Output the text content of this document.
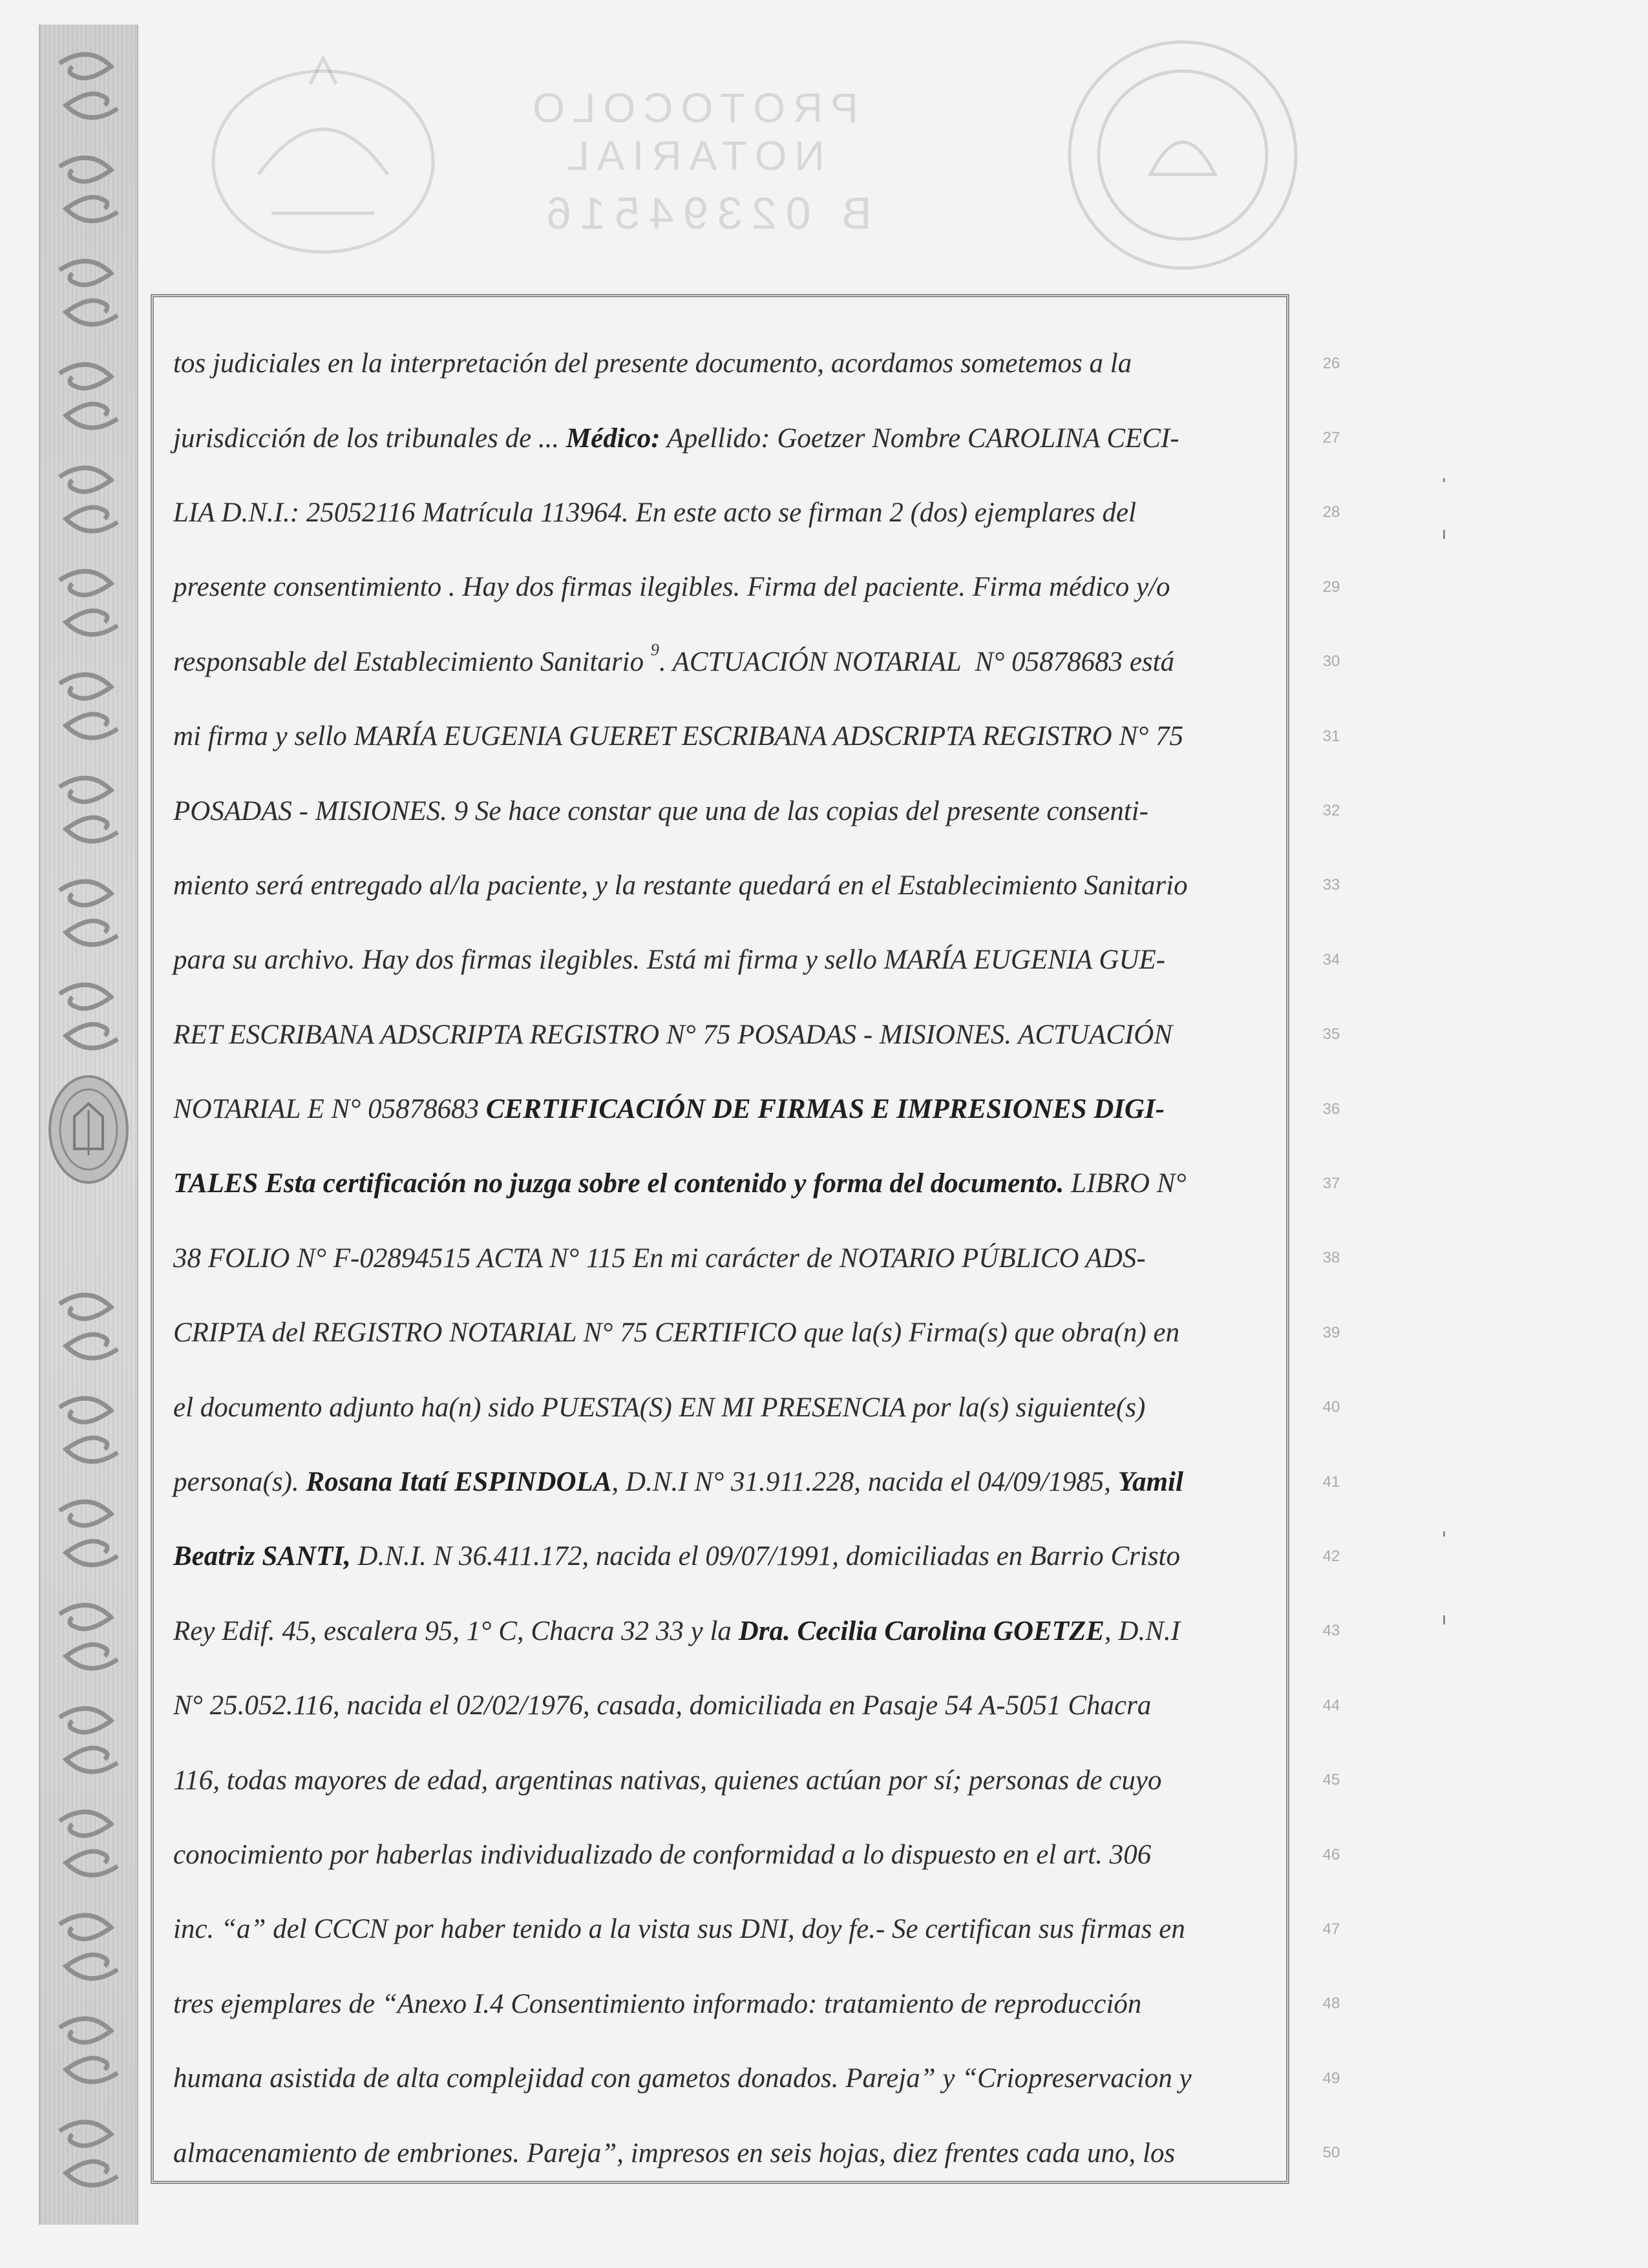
PROTOCOLO NOTARIAL
B 02394516
tos judiciales en la interpretación del presente documento, acordamos sometemos a la
jurisdicción de los tribunales de ... Médico: Apellido: Goetzer Nombre CAROLINA CECI-
LIA D.N.I.: 25052116 Matrícula 113964. En este acto se firman 2 (dos) ejemplares del
presente consentimiento . Hay dos firmas ilegibles. Firma del paciente. Firma médico y/o
responsable del Establecimiento Sanitario 9 . ACTUACIÓN NOTARIAL  N° 05878683 está
mi firma y sello MARÍA EUGENIA GUERET ESCRIBANA ADSCRIPTA REGISTRO N° 75
POSADAS - MISIONES. 9 Se hace constar que una de las copias del presente consenti-
miento será entregado al/la paciente, y la restante quedará en el Establecimiento Sanitario
para su archivo. Hay dos firmas ilegibles. Está mi firma y sello MARÍA EUGENIA GUE-
RET ESCRIBANA ADSCRIPTA REGISTRO N° 75 POSADAS - MISIONES. ACTUACIÓN
NOTARIAL E N° 05878683 CERTIFICACIÓN DE FIRMAS E IMPRESIONES DIGI-
TALES Esta certificación no juzga sobre el contenido y forma del documento. LIBRO N°
38 FOLIO N° F-02894515 ACTA N° 115 En mi carácter de NOTARIO PÚBLICO ADS-
CRIPTA del REGISTRO NOTARIAL N° 75 CERTIFICO que la(s) Firma(s) que obra(n) en
el documento adjunto ha(n) sido PUESTA(S) EN MI PRESENCIA por la(s) siguiente(s)
persona(s). Rosana Itatí ESPINDOLA , D.N.I N° 31.911.228, nacida el 04/09/1985, Yamil
Beatriz SANTI, D.N.I. N 36.411.172, nacida el 09/07/1991, domiciliadas en Barrio Cristo
Rey Edif. 45, escalera 95, 1° C, Chacra 32 33 y la Dra. Cecilia Carolina GOETZE , D.N.I
N° 25.052.116, nacida el 02/02/1976, casada, domiciliada en Pasaje 54 A-5051 Chacra
116, todas mayores de edad, argentinas nativas, quienes actúan por sí; personas de cuyo
conocimiento por haberlas individualizado de conformidad a lo dispuesto en el art. 306
inc. “a” del CCCN por haber tenido a la vista sus DNI, doy fe.- Se certifican sus firmas en
tres ejemplares de “Anexo I.4 Consentimiento informado: tratamiento de reproducción
humana asistida de alta complejidad con gametos donados. Pareja” y “Criopreservacion y
almacenamiento de embriones. Pareja”, impresos en seis hojas, diez frentes cada uno, los
26
27
28
29
30
31
32
33
34
35
36
37
38
39
40
41
42
43
44
45
46
47
48
49
50
